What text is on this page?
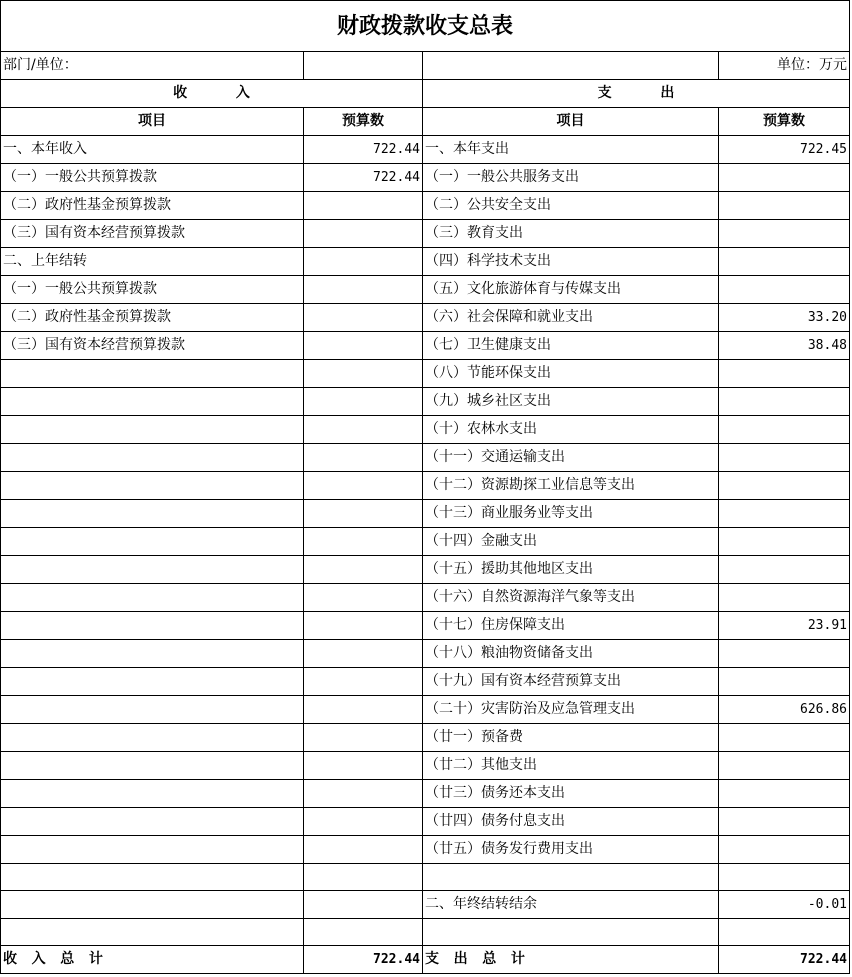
财政拨款收支总表			
部门/单位：			单位：万元
收          入		支          出	
项目	预算数	项目	预算数
一、本年收入	722.44	一、本年支出	722.45
（一）一般公共预算拨款	722.44	（一）一般公共服务支出	
（二）政府性基金预算拨款		（二）公共安全支出	
（三）国有资本经营预算拨款		（三）教育支出	
二、上年结转		（四）科学技术支出	
（一）一般公共预算拨款		（五）文化旅游体育与传媒支出	
（二）政府性基金预算拨款		（六）社会保障和就业支出	33.20
（三）国有资本经营预算拨款		（七）卫生健康支出	38.48
		（八）节能环保支出	
		（九）城乡社区支出	
		（十）农林水支出	
		（十一）交通运输支出	
		（十二）资源勘探工业信息等支出	
		（十三）商业服务业等支出	
		（十四）金融支出	
		（十五）援助其他地区支出	
		（十六）自然资源海洋气象等支出	
		（十七）住房保障支出	23.91
		（十八）粮油物资储备支出	
		（十九）国有资本经营预算支出	
		（二十）灾害防治及应急管理支出	626.86
		（廿一）预备费	
		（廿二）其他支出	
		（廿三）债务还本支出	
		（廿四）债务付息支出	
		（廿五）债务发行费用支出	

		二、年终结转结余	-0.01

收   入   总   计	722.44	支   出   总   计	722.44
